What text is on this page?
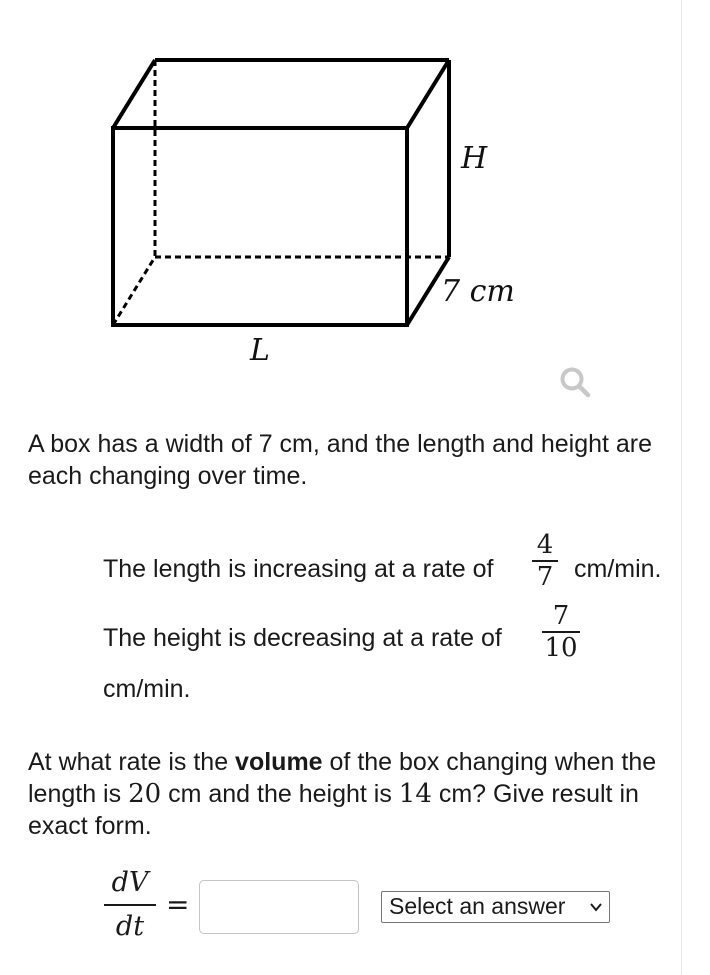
H
7 cm
L
A box has a width of 7 cm, and the length and height are each changing over time.
The length is increasing at a rate of
4
7 cm/min.
The height is decreasing at a rate of
7
10
cm/min.
At what rate is the volume of the box changing when the length is 20 cm and the height is 14 cm? Give result in exact form.
dV
dt
=	Select an answer
